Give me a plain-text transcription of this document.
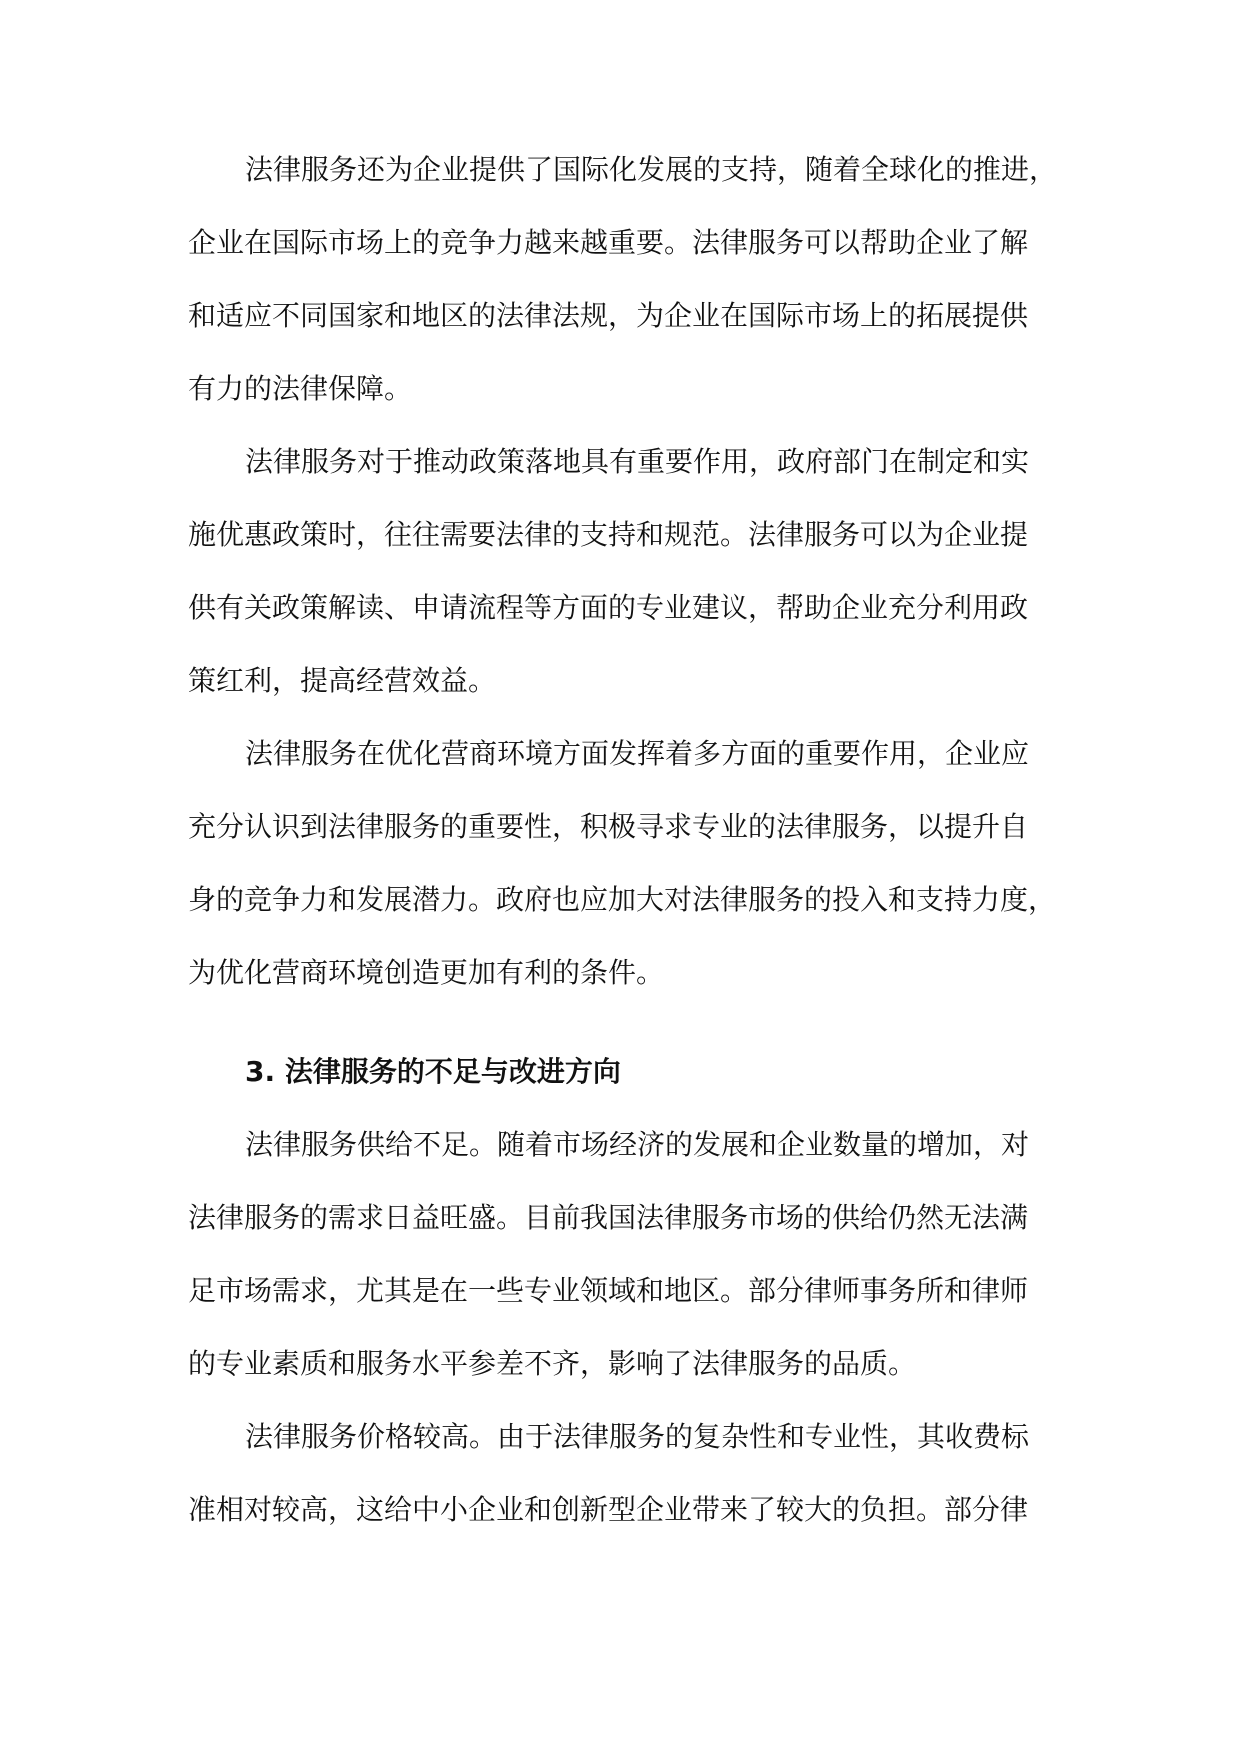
法律服务还为企业提供了国际化发展的支持，随着全球化的推进，
企业在国际市场上的竞争力越来越重要。法律服务可以帮助企业了解
和适应不同国家和地区的法律法规，为企业在国际市场上的拓展提供
有力的法律保障。
法律服务对于推动政策落地具有重要作用，政府部门在制定和实
施优惠政策时，往往需要法律的支持和规范。法律服务可以为企业提
供有关政策解读、申请流程等方面的专业建议，帮助企业充分利用政
策红利，提高经营效益。
法律服务在优化营商环境方面发挥着多方面的重要作用，企业应
充分认识到法律服务的重要性，积极寻求专业的法律服务，以提升自
身的竞争力和发展潜力。政府也应加大对法律服务的投入和支持力度，
为优化营商环境创造更加有利的条件。
3. 法律服务的不足与改进方向
法律服务供给不足。随着市场经济的发展和企业数量的增加，对
法律服务的需求日益旺盛。目前我国法律服务市场的供给仍然无法满
足市场需求，尤其是在一些专业领域和地区。部分律师事务所和律师
的专业素质和服务水平参差不齐，影响了法律服务的品质。
法律服务价格较高。由于法律服务的复杂性和专业性，其收费标
准相对较高，这给中小企业和创新型企业带来了较大的负担。部分律
